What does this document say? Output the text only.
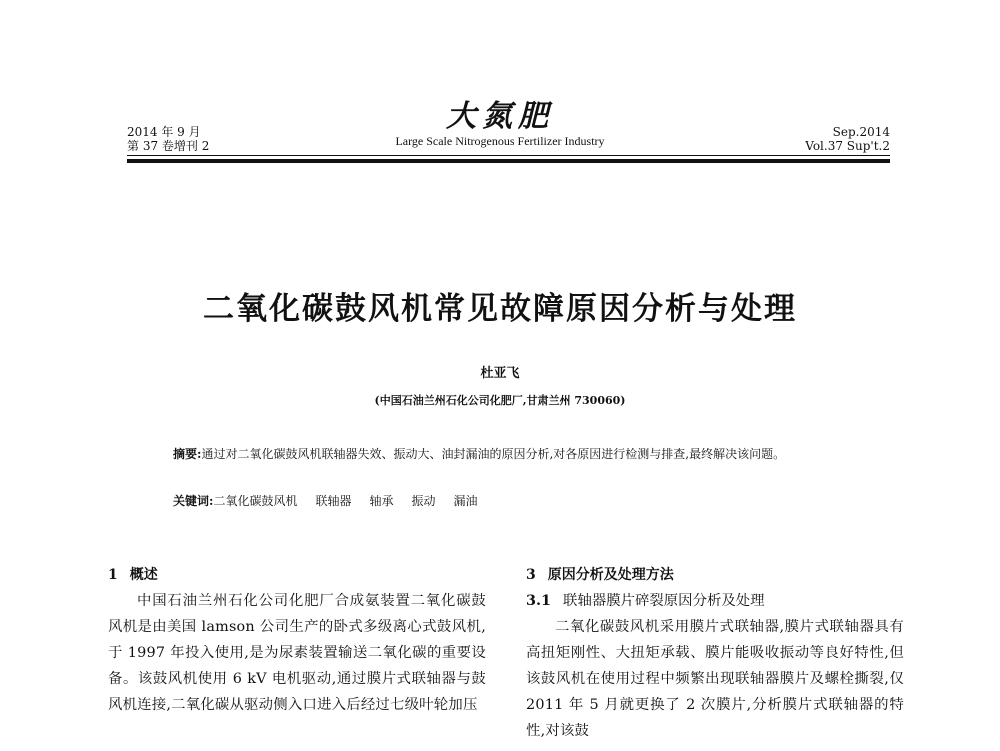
2014 年 9 月
第 37 卷增刊 2
大氮肥
Large Scale Nitrogenous Fertilizer Industry
Sep.2014
Vol.37 Sup't.2
二氧化碳鼓风机常见故障原因分析与处理
杜亚飞
(中国石油兰州石化公司化肥厂,甘肃兰州 730060)
摘要:通过对二氧化碳鼓风机联轴器失效、振动大、油封漏油的原因分析,对各原因进行检测与排查,最终解决该问题。
关键词:二氧化碳鼓风机 联轴器 轴承 振动 漏油
1 概述
中国石油兰州石化公司化肥厂合成氨装置二氧化碳鼓风机是由美国 lamson 公司生产的卧式多级离心式鼓风机,于 1997 年投入使用,是为尿素装置输送二氧化碳的重要设备。该鼓风机使用 6 kV 电机驱动,通过膜片式联轴器与鼓风机连接,二氧化碳从驱动侧入口进入后经过七级叶轮加压
3 原因分析及处理方法
3.1 联轴器膜片碎裂原因分析及处理
二氧化碳鼓风机采用膜片式联轴器,膜片式联轴器具有高扭矩刚性、大扭矩承载、膜片能吸收振动等良好特性,但该鼓风机在使用过程中频繁出现联轴器膜片及螺栓撕裂,仅 2011 年 5 月就更换了 2 次膜片,分析膜片式联轴器的特性,对该鼓
